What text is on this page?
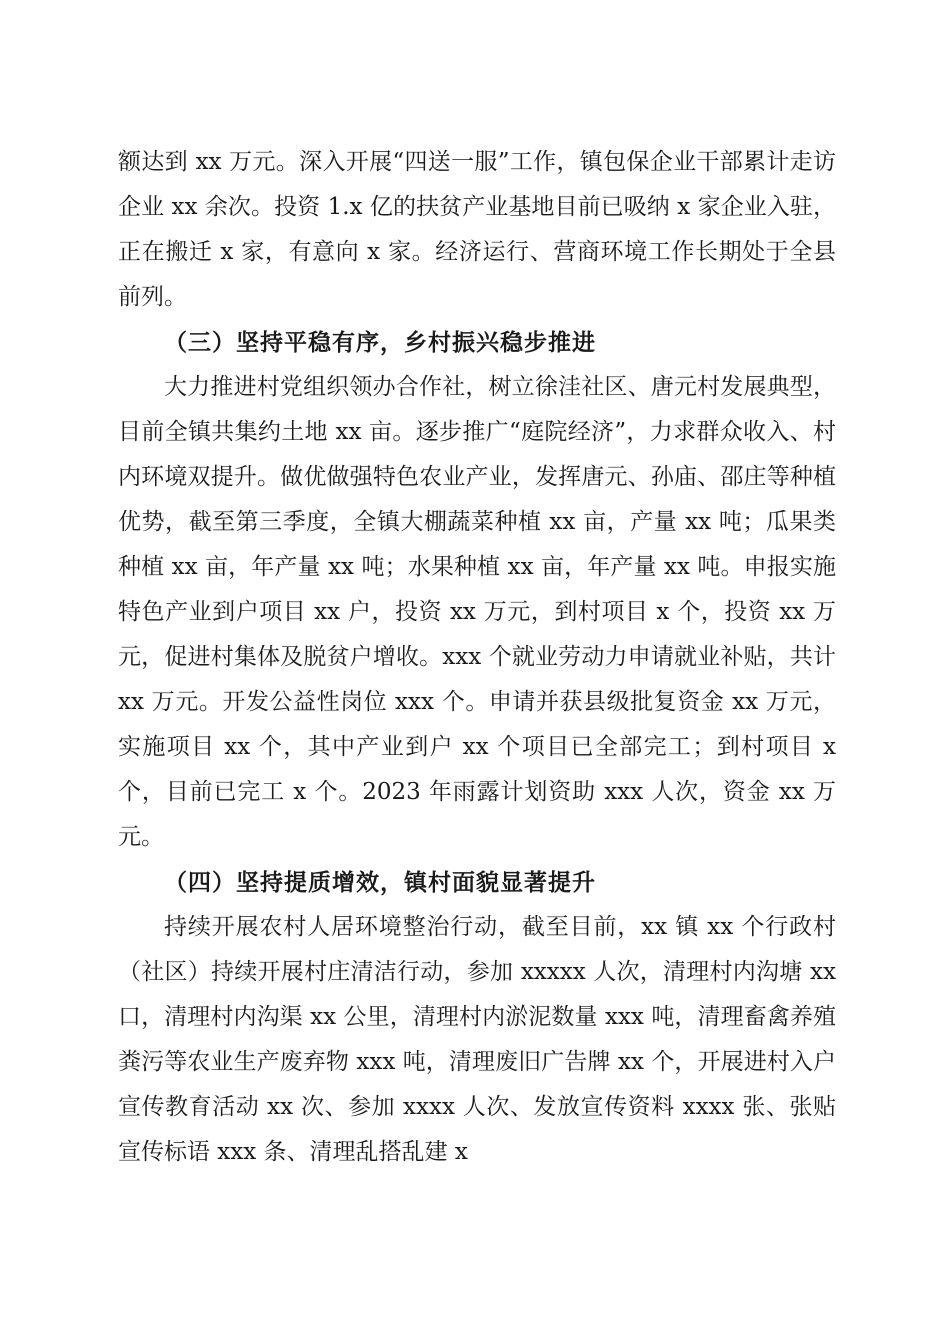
额达到 xx 万元。深入开展“四送一服”工作，镇包保企业干部累计走访企业 xx 余次。投资 1.x 亿的扶贫产业基地目前已吸纳 x 家企业入驻，正在搬迁 x 家，有意向 x 家。经济运行、营商环境工作长期处于全县前列。

（三）坚持平稳有序，乡村振兴稳步推进

大力推进村党组织领办合作社，树立徐洼社区、唐元村发展典型，目前全镇共集约土地 xx 亩。逐步推广“庭院经济”，力求群众收入、村内环境双提升。做优做强特色农业产业，发挥唐元、孙庙、邵庄等种植优势，截至第三季度，全镇大棚蔬菜种植 xx 亩，产量 xx 吨；瓜果类种植 xx 亩，年产量 xx 吨；水果种植 xx 亩，年产量 xx 吨。申报实施特色产业到户项目 xx 户，投资 xx 万元，到村项目 x 个，投资 xx 万元，促进村集体及脱贫户增收。xxx 个就业劳动力申请就业补贴，共计 xx 万元。开发公益性岗位 xxx 个。申请并获县级批复资金 xx 万元，实施项目 xx 个，其中产业到户 xx 个项目已全部完工；到村项目 x 个，目前已完工 x 个。2023 年雨露计划资助 xxx 人次，资金 xx 万元。

（四）坚持提质增效，镇村面貌显著提升

持续开展农村人居环境整治行动，截至目前，xx 镇 xx 个行政村（社区）持续开展村庄清洁行动，参加 xxxxx 人次，清理村内沟塘 xx 口，清理村内沟渠 xx 公里，清理村内淤泥数量 xxx 吨，清理畜禽养殖粪污等农业生产废弃物 xxx 吨，清理废旧广告牌 xx 个，开展进村入户宣传教育活动 xx 次、参加 xxxx 人次、发放宣传资料 xxxx 张、张贴宣传标语 xxx 条、清理乱搭乱建 x
